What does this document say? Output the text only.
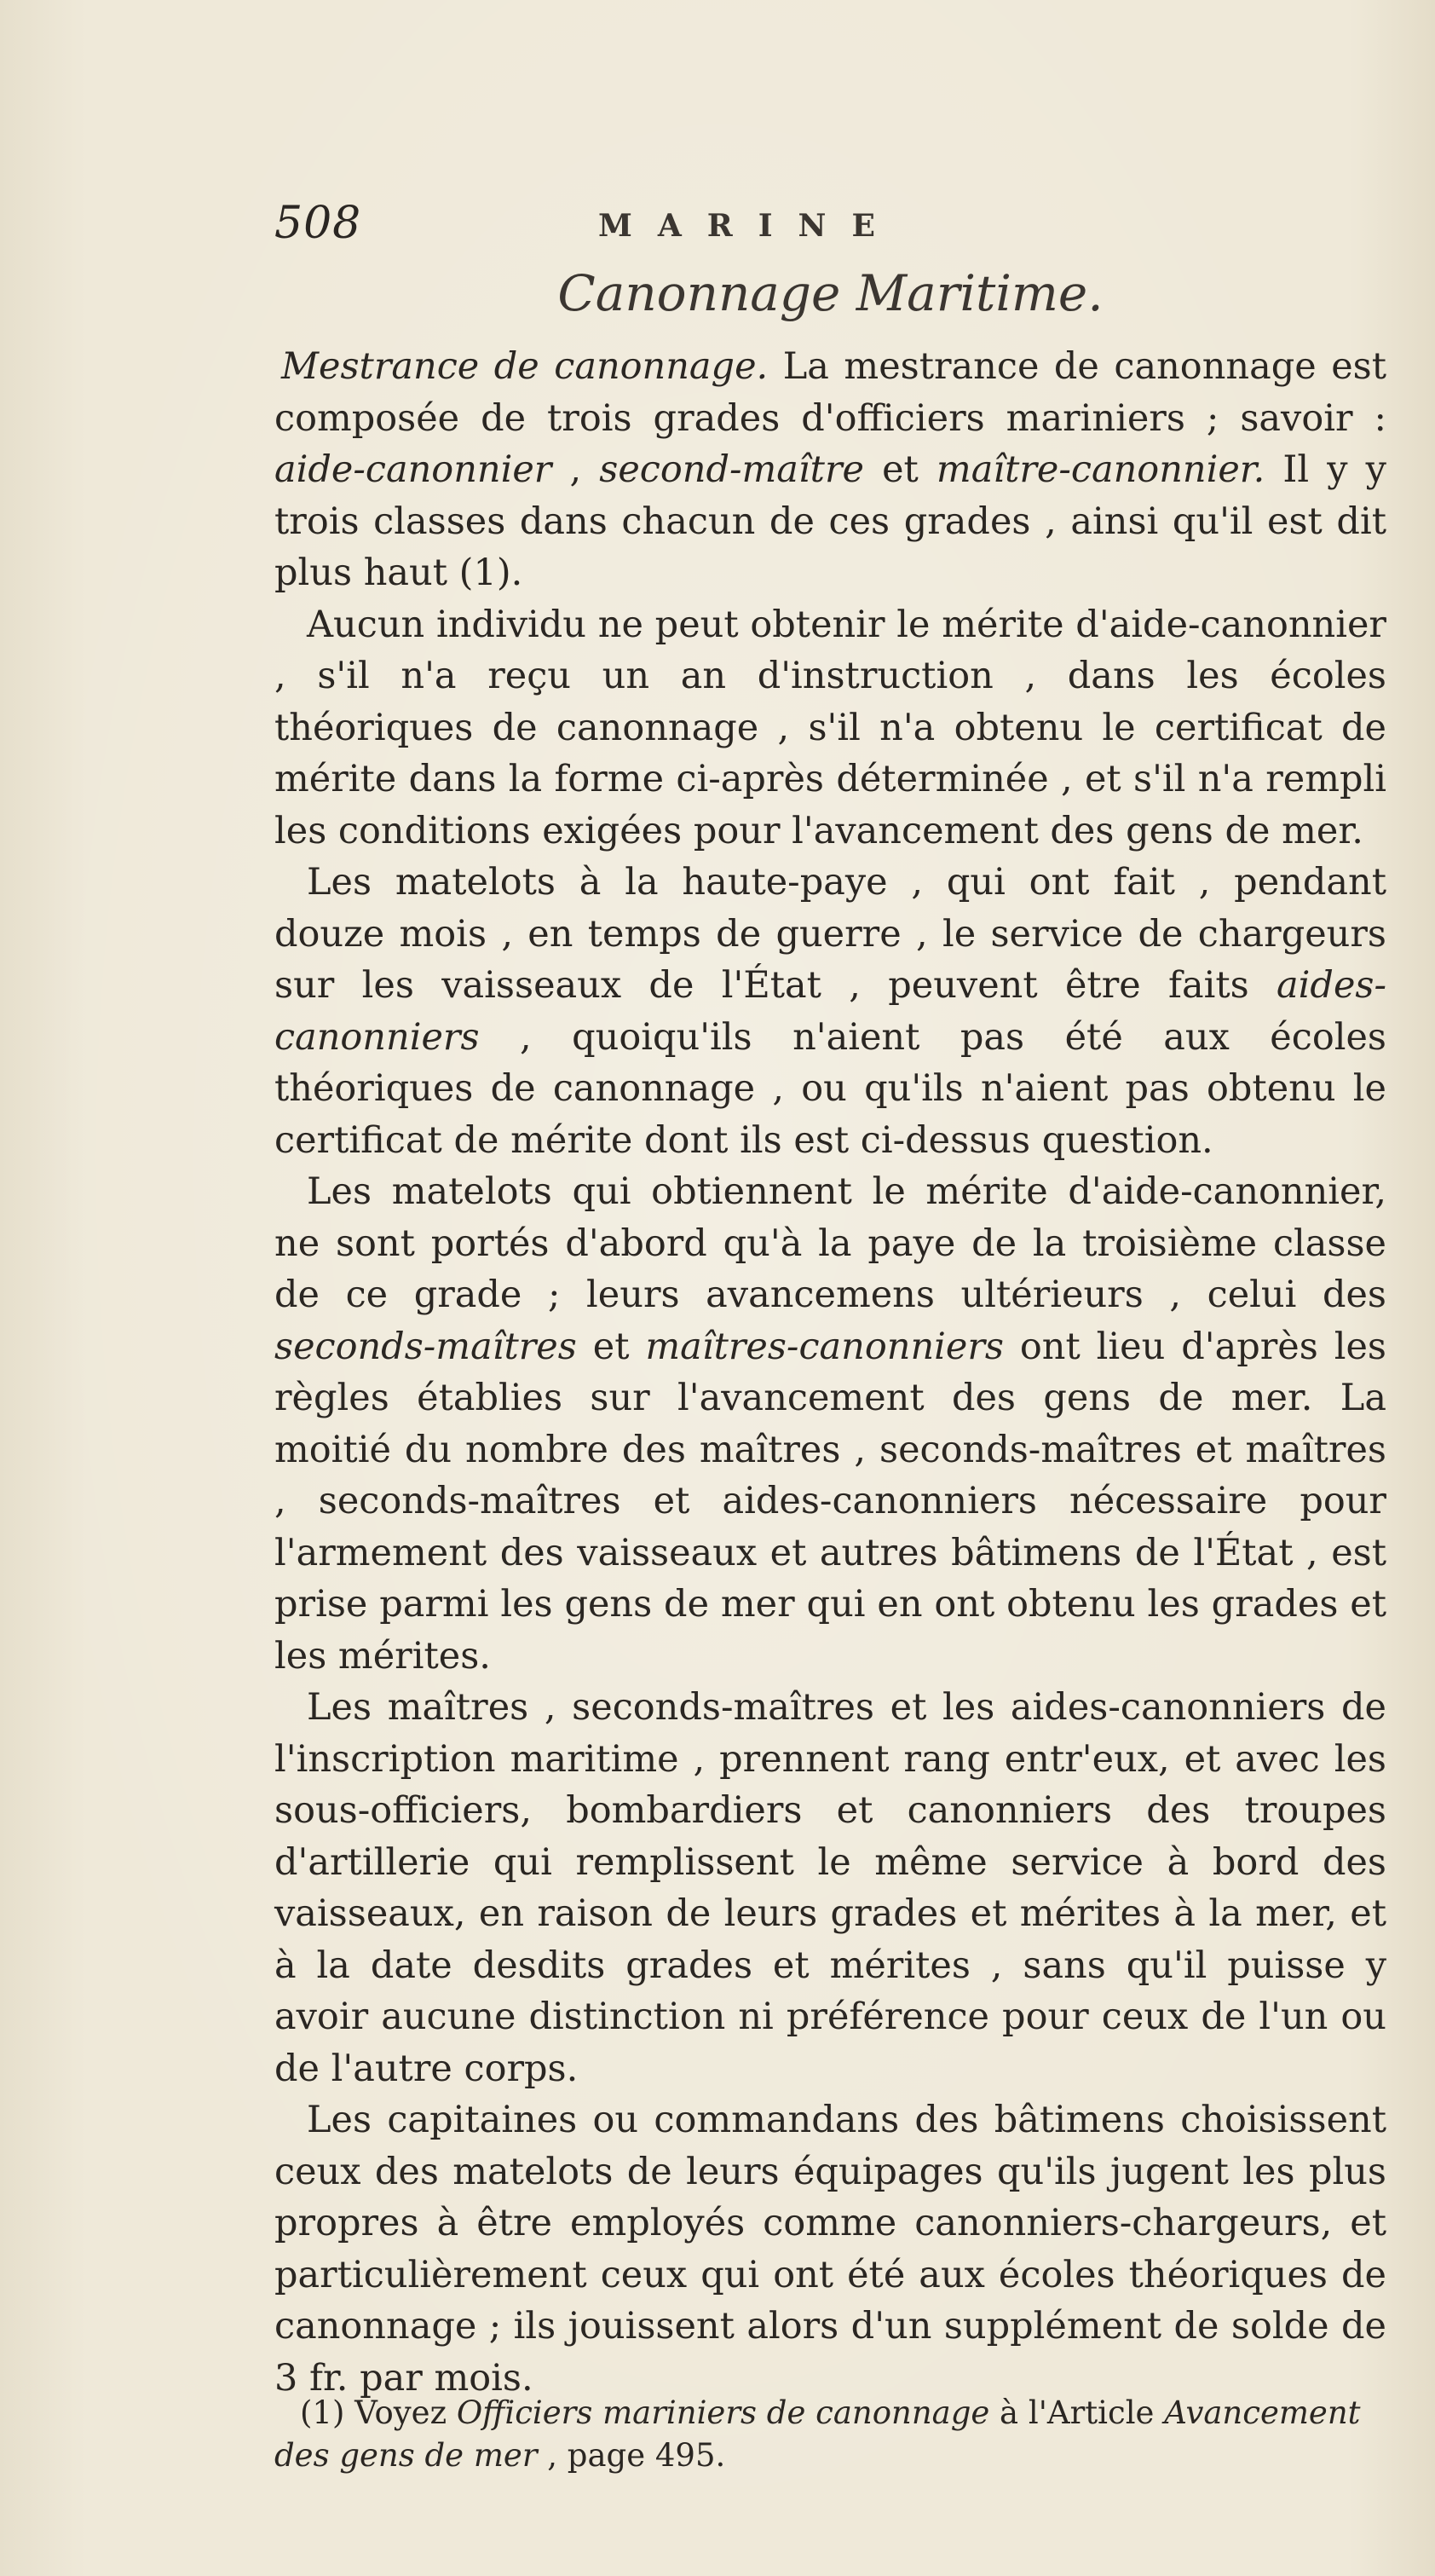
508	MARINE
Canonnage Maritime.

Mestrance de canonnage. La mestrance de canonnage est composée de trois grades d'officiers mariniers ; savoir : aide-canonnier , second-maître et maître-canonnier. Il y y trois classes dans chacun de ces grades , ainsi qu'il est dit plus haut (1).

Aucun individu ne peut obtenir le mérite d'aide-canonnier , s'il n'a reçu un an d'instruction , dans les écoles théoriques de canonnage , s'il n'a obtenu le certificat de mérite dans la forme ci-après déterminée , et s'il n'a rempli les conditions exigées pour l'avancement des gens de mer.

Les matelots à la haute-paye , qui ont fait , pendant douze mois , en temps de guerre , le service de chargeurs sur les vaisseaux de l'État , peuvent être faits aides-canonniers , quoiqu'ils n'aient pas été aux écoles théoriques de canonnage , ou qu'ils n'aient pas obtenu le certificat de mérite dont ils est ci-dessus question.

Les matelots qui obtiennent le mérite d'aide-canonnier, ne sont portés d'abord qu'à la paye de la troisième classe de ce grade ; leurs avancemens ultérieurs , celui des seconds-maîtres et maîtres-canonniers ont lieu d'après les règles établies sur l'avancement des gens de mer. La moitié du nombre des maîtres , seconds-maîtres et maîtres , seconds-maîtres et aides-canonniers nécessaire pour l'armement des vaisseaux et autres bâtimens de l'État , est prise parmi les gens de mer qui en ont obtenu les grades et les mérites.

Les maîtres , seconds-maîtres et les aides-canonniers de l'inscription maritime , prennent rang entr'eux, et avec les sous-officiers, bombardiers et canonniers des troupes d'artillerie qui remplissent le même service à bord des vaisseaux, en raison de leurs grades et mérites à la mer, et à la date desdits grades et mérites , sans qu'il puisse y avoir aucune distinction ni préférence pour ceux de l'un ou de l'autre corps.

Les capitaines ou commandans des bâtimens choisissent ceux des matelots de leurs équipages qu'ils jugent les plus propres à être employés comme canonniers-chargeurs, et particulièrement ceux qui ont été aux écoles théoriques de canonnage ; ils jouissent alors d'un supplément de solde de 3 fr. par mois.

(1) Voyez Officiers mariniers de canonnage à l'Article Avancement des gens de mer , page 495.
